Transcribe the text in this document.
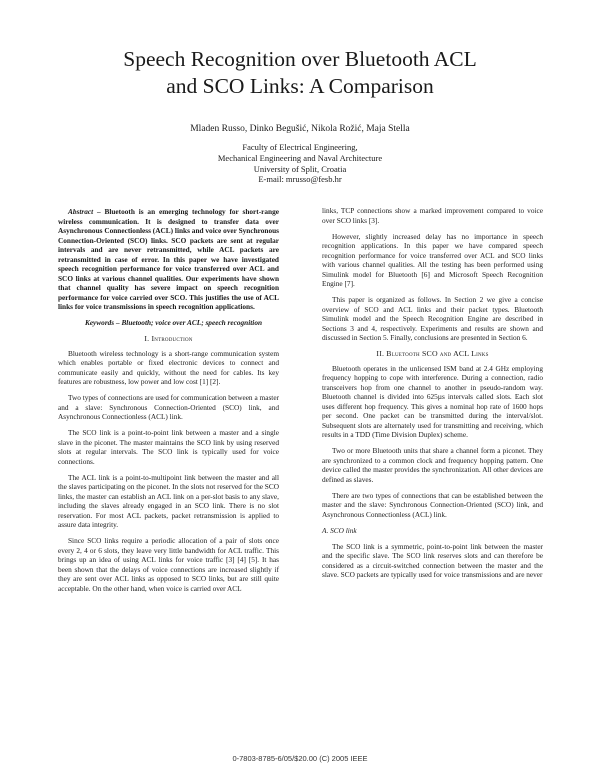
Speech Recognition over Bluetooth ACL
and SCO Links: A Comparison

Mladen Russo, Dinko Begušić, Nikola Rožić, Maja Stella

Faculty of Electrical Engineering,
Mechanical Engineering and Naval Architecture
University of Split, Croatia
E-mail: mrusso@fesb.hr

Abstract – Bluetooth is an emerging technology for short-range wireless communication. It is designed to transfer data over Asynchronous Connectionless (ACL) links and voice over Synchronous Connection-Oriented (SCO) links. SCO packets are sent at regular intervals and are never retransmitted, while ACL packets are retransmitted in case of error. In this paper we have investigated speech recognition performance for voice transferred over ACL and SCO links at various channel qualities. Our experiments have shown that channel quality has severe impact on speech recognition performance for voice carried over SCO. This justifies the use of ACL links for voice transmissions in speech recognition applications.

Keywords – Bluetooth; voice over ACL; speech recognition

I. Introduction

Bluetooth wireless technology is a short-range communication system which enables portable or fixed electronic devices to connect and communicate easily and quickly, without the need for cables. Its key features are robustness, low power and low cost [1] [2].

Two types of connections are used for communication between a master and a slave: Synchronous Connection-Oriented (SCO) link, and Asynchronous Connectionless (ACL) link.

The SCO link is a point-to-point link between a master and a single slave in the piconet. The master maintains the SCO link by using reserved slots at regular intervals. The SCO link is typically used for voice connections.

The ACL link is a point-to-multipoint link between the master and all the slaves participating on the piconet. In the slots not reserved for the SCO links, the master can establish an ACL link on a per-slot basis to any slave, including the slaves already engaged in an SCO link. There is no slot reservation. For most ACL packets, packet retransmission is applied to assure data integrity.

Since SCO links require a periodic allocation of a pair of slots once every 2, 4 or 6 slots, they leave very little bandwidth for ACL traffic. This brings up an idea of using ACL links for voice traffic [3] [4] [5]. It has been shown that the delays of voice connections are increased slightly if they are sent over ACL links as opposed to SCO links, but are still quite acceptable. On the other hand, when voice is carried over ACL

links, TCP connections show a marked improvement compared to voice over SCO links [3].

However, slightly increased delay has no importance in speech recognition applications. In this paper we have compared speech recognition performance for voice transferred over ACL and SCO links with various channel qualities. All the testing has been performed using Simulink model for Bluetooth [6] and Microsoft Speech Recognition Engine [7].

This paper is organized as follows. In Section 2 we give a concise overview of SCO and ACL links and their packet types. Bluetooth Simulink model and the Speech Recognition Engine are described in Sections 3 and 4, respectively. Experiments and results are shown and discussed in Section 5. Finally, conclusions are presented in Section 6.

II. Bluetooth SCO and ACL Links

Bluetooth operates in the unlicensed ISM band at 2.4 GHz employing frequency hopping to cope with interference. During a connection, radio transceivers hop from one channel to another in pseudo-random way. Bluetooth channel is divided into 625µs intervals called slots. Each slot uses different hop frequency. This gives a nominal hop rate of 1600 hops per second. One packet can be transmitted during the interval/slot. Subsequent slots are alternately used for transmitting and receiving, which results in a TDD (Time Division Duplex) scheme.

Two or more Bluetooth units that share a channel form a piconet. They are synchronized to a common clock and frequency hopping pattern. One device called the master provides the synchronization. All other devices are defined as slaves.

There are two types of connections that can be established between the master and the slave: Synchronous Connection-Oriented (SCO) link, and Asynchronous Connectionless (ACL) link.

A. SCO link

The SCO link is a symmetric, point-to-point link between the master and the specific slave. The SCO link reserves slots and can therefore be considered as a circuit-switched connection between the master and the slave. SCO packets are typically used for voice transmissions and are never

0-7803-8785-6/05/$20.00 (C) 2005 IEEE
